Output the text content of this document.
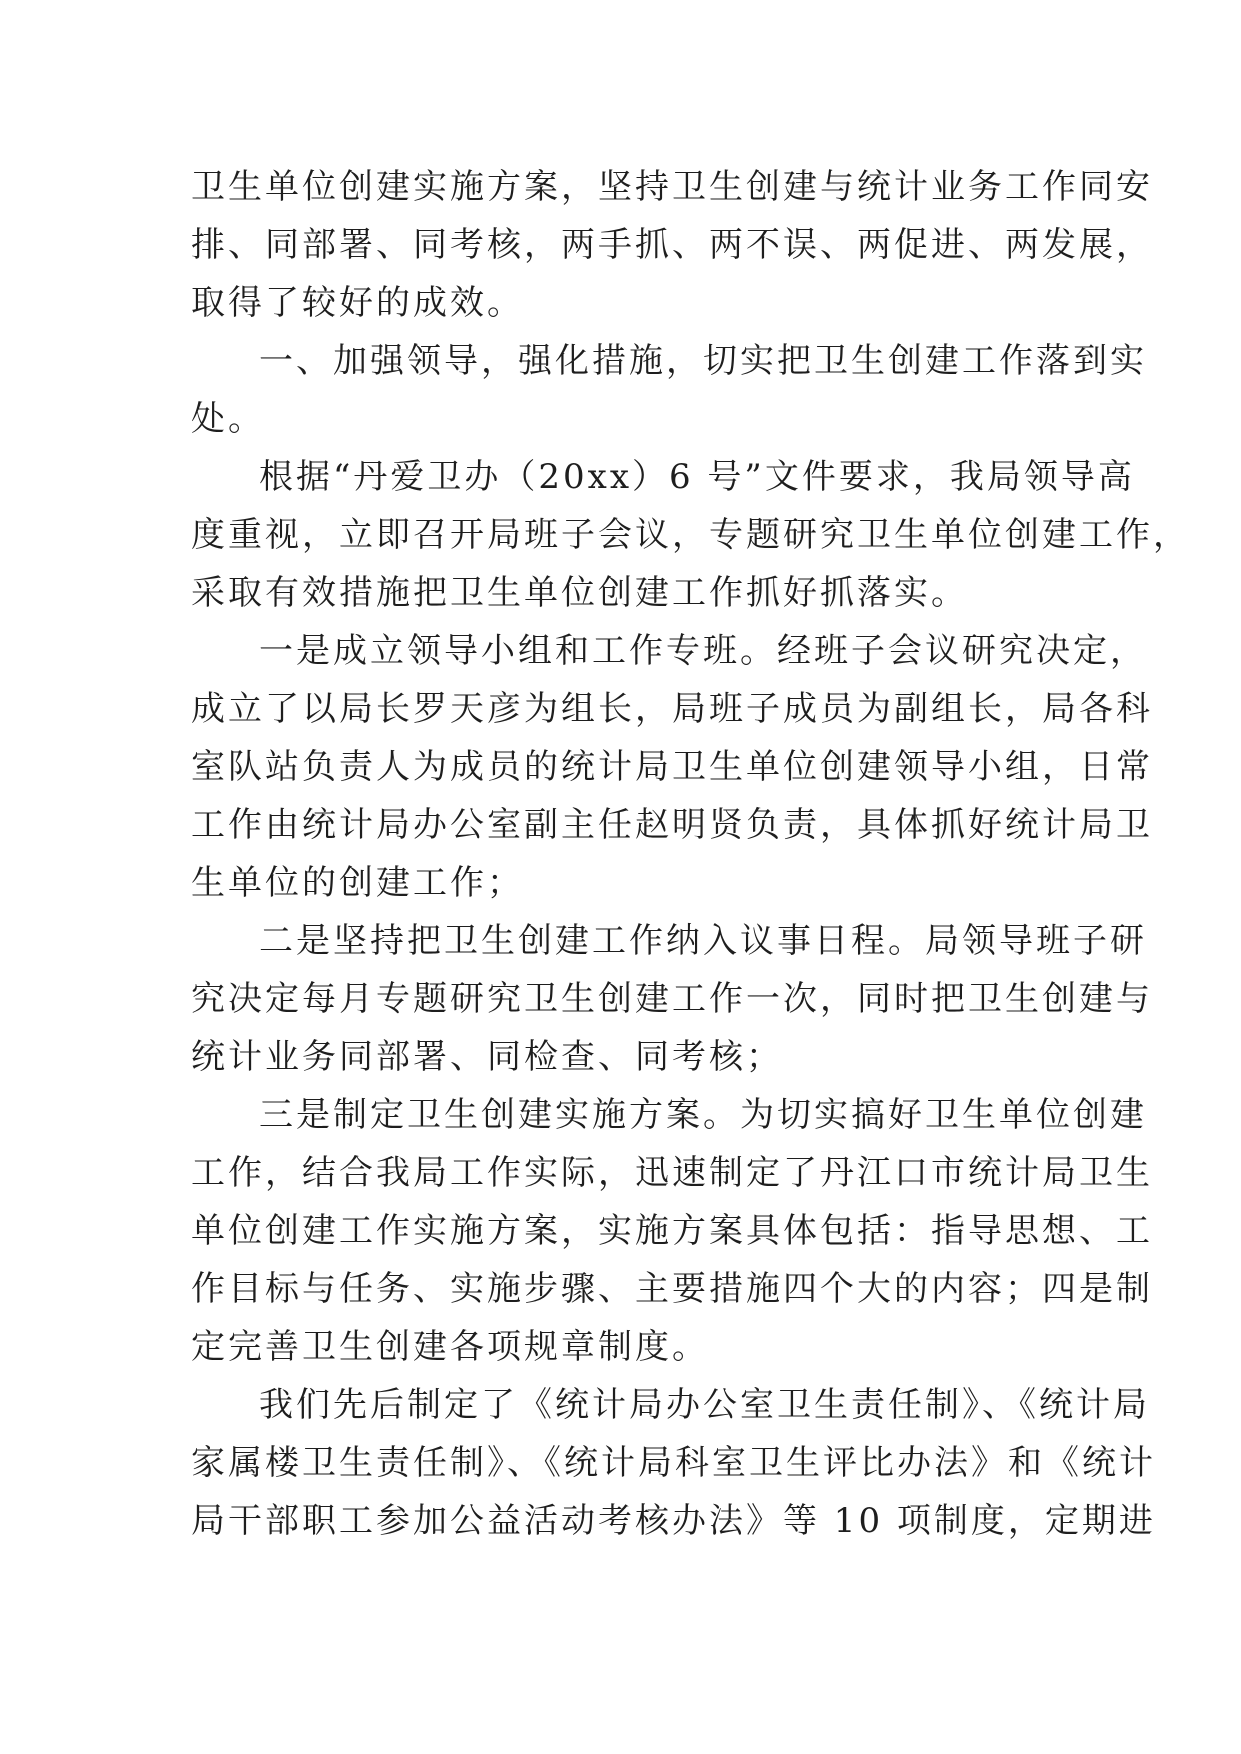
卫生单位创建实施方案，坚持卫生创建与统计业务工作同安
排、同部署、同考核，两手抓、两不误、两促进、两发展，
取得了较好的成效。
一、加强领导，强化措施，切实把卫生创建工作落到实
处。
根据“丹爱卫办（20xx）6 号”文件要求，我局领导高
度重视，立即召开局班子会议，专题研究卫生单位创建工作，
采取有效措施把卫生单位创建工作抓好抓落实。
一是成立领导小组和工作专班。经班子会议研究决定，
成立了以局长罗天彦为组长，局班子成员为副组长，局各科
室队站负责人为成员的统计局卫生单位创建领导小组，日常
工作由统计局办公室副主任赵明贤负责，具体抓好统计局卫
生单位的创建工作；
二是坚持把卫生创建工作纳入议事日程。局领导班子研
究决定每月专题研究卫生创建工作一次，同时把卫生创建与
统计业务同部署、同检查、同考核；
三是制定卫生创建实施方案。为切实搞好卫生单位创建
工作，结合我局工作实际，迅速制定了丹江口市统计局卫生
单位创建工作实施方案，实施方案具体包括：指导思想、工
作目标与任务、实施步骤、主要措施四个大的内容；四是制
定完善卫生创建各项规章制度。
我们先后制定了《统计局办公室卫生责任制》、《统计局
家属楼卫生责任制》、《统计局科室卫生评比办法》和《统计
局干部职工参加公益活动考核办法》等 10 项制度，定期进
